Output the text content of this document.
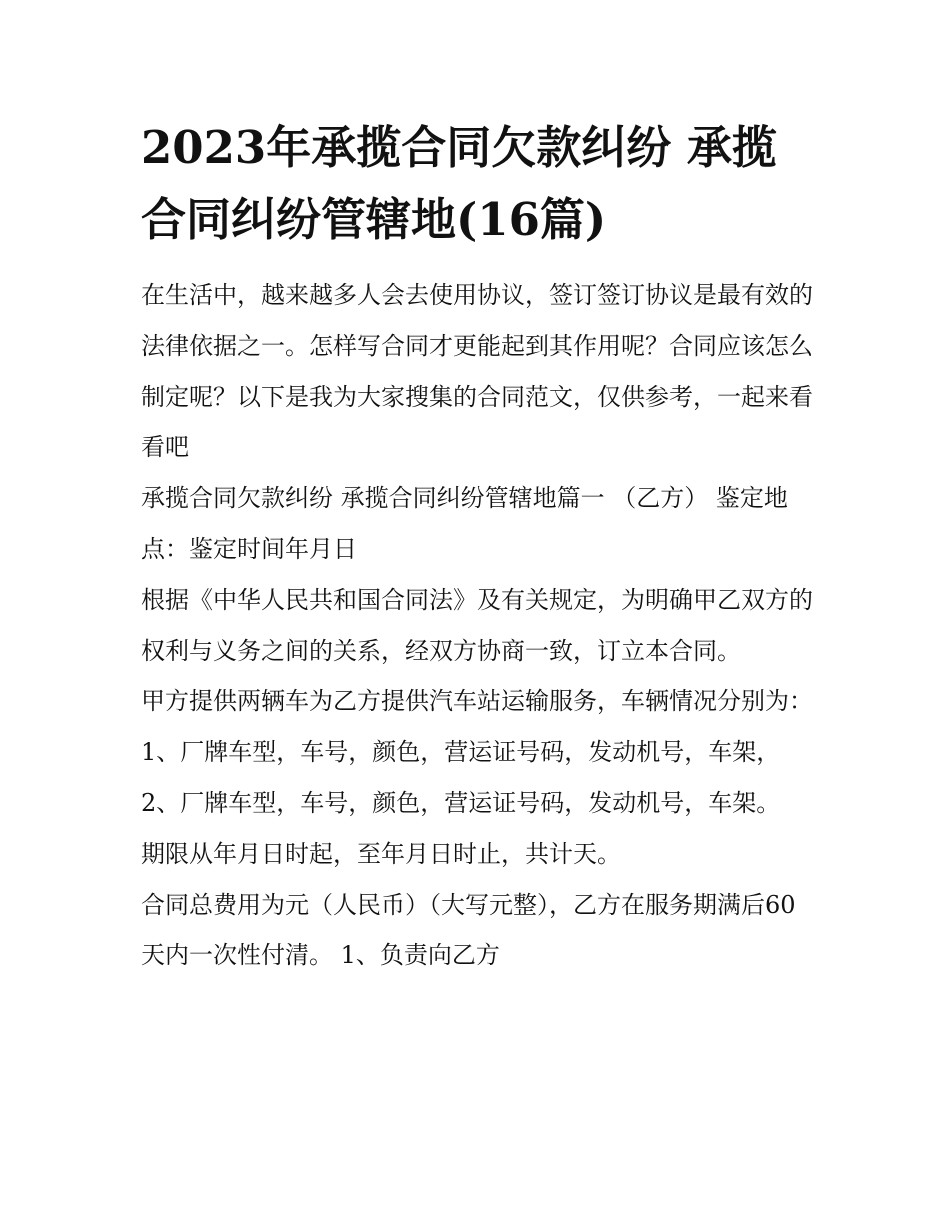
2023年承揽合同欠款纠纷 承揽合同纠纷管辖地(16篇)

在生活中，越来越多人会去使用协议，签订签订协议是最有效的法律依据之一。怎样写合同才更能起到其作用呢？合同应该怎么制定呢？以下是我为大家搜集的合同范文，仅供参考，一起来看看吧

承揽合同欠款纠纷 承揽合同纠纷管辖地篇一 （乙方） 鉴定地点：鉴定时间年月日

根据《中华人民共和国合同法》及有关规定，为明确甲乙双方的权利与义务之间的关系，经双方协商一致，订立本合同。

甲方提供两辆车为乙方提供汽车站运输服务，车辆情况分别为： 1、厂牌车型，车号，颜色，营运证号码，发动机号，车架，

2、厂牌车型，车号，颜色，营运证号码，发动机号，车架。

期限从年月日时起，至年月日时止，共计天。

合同总费用为元（人民币）（大写元整），乙方在服务期满后60天内一次性付清。 1、负责向乙方
